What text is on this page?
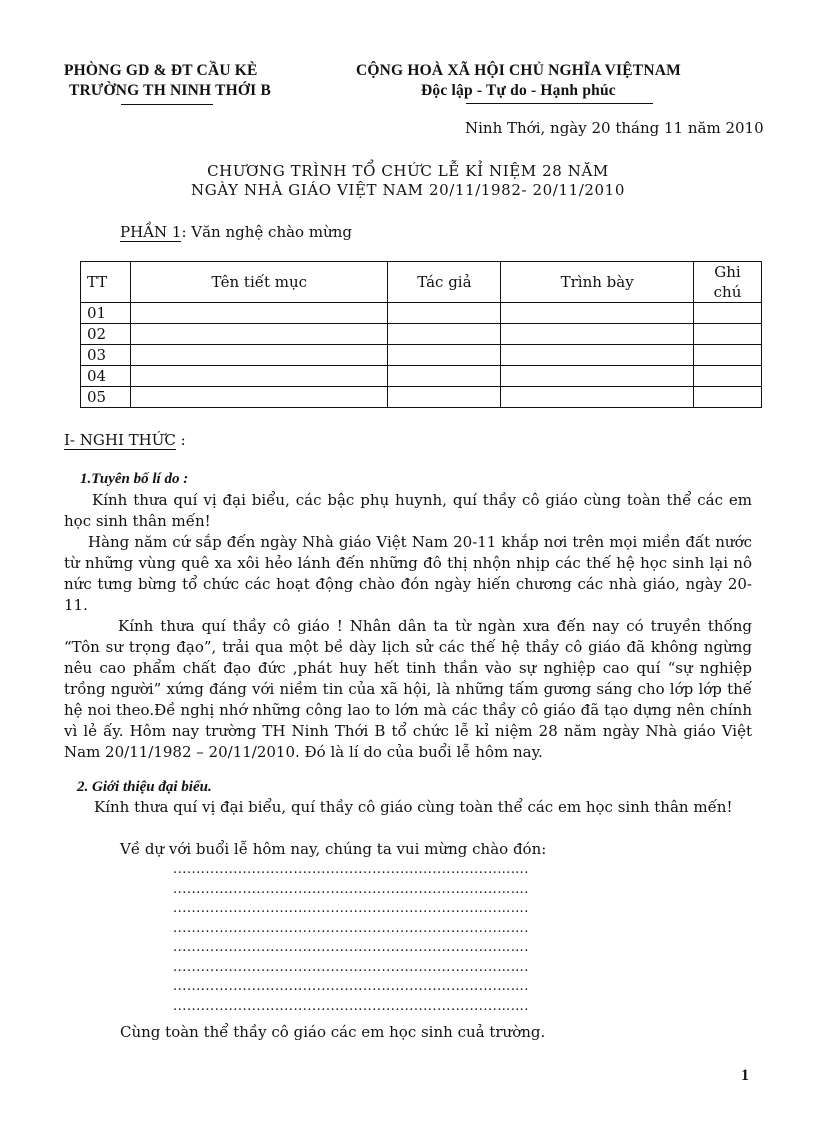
PHÒNG GD & ĐT CẦU KÈ
TRƯỜNG TH NINH THỚI B
CỘNG HOÀ XÃ HỘI CHỦ NGHĨA VIỆTNAM
Độc lập - Tự do - Hạnh phúc
Ninh Thới, ngày 20 tháng 11 năm 2010
CHƯƠNG TRÌNH TỔ CHỨC LỄ KỈ NIỆM 28 NĂM
NGÀY NHÀ GIÁO VIỆT NAM 20/11/1982- 20/11/2010
PHẦN 1: Văn nghệ chào mừng
TT	Tên tiết mục	Tác giả	Trình bày	Ghi chú
01				
02				
03				
04				
05				
I- NGHI THỨC :
1.Tuyên bố lí do :
Kính thưa quí vị đại biểu, các bậc phụ huynh, quí thầy cô giáo cùng toàn thể các em học sinh thân mến!
Hàng năm cứ sắp đến ngày Nhà giáo Việt Nam 20-11 khắp nơi trên mọi miền đất nước từ những vùng quê xa xôi hẻo lánh đến những đô thị nhộn nhịp các thế hệ học sinh lại nô nức tưng bừng tổ chức các hoạt động chào đón ngày hiến chương các nhà giáo, ngày 20-11.
Kính thưa quí thầy cô giáo ! Nhân dân ta từ ngàn xưa đến nay có truyền thống “Tôn sư trọng đạo”, trải qua một bề dày lịch sử các thế hệ thầy cô giáo đã không ngừng nêu cao phẩm chất đạo đức ,phát huy hết tinh thần vào sự nghiệp cao quí “sự nghiệp trồng người” xứng đáng với niềm tin của xã hội, là những tấm gương sáng cho lớp lớp thế hệ noi theo.Đề nghị nhớ những công lao to lớn mà các thầy cô giáo đã tạo dựng nên chính vì lẻ ấy. Hôm nay trường TH Ninh Thới B tổ chức lễ kỉ niệm 28 năm ngày Nhà giáo Việt Nam 20/11/1982 – 20/11/2010. Đó là lí do của buổi lễ hôm nay.
2. Giới thiệu đại biểu.
Kính thưa quí vị đại biểu, quí thầy cô giáo cùng toàn thể các em học sinh thân mến!
Về dự với buổi lễ hôm nay, chúng ta vui mừng chào đón:
......................................................................…….
......................................................................…….
......................................................................…….
......................................................................…….
......................................................................…….
......................................................................…….
......................................................................…….
......................................................................…….
Cùng toàn thể thầy cô giáo các em học sinh cuả trường.
1
